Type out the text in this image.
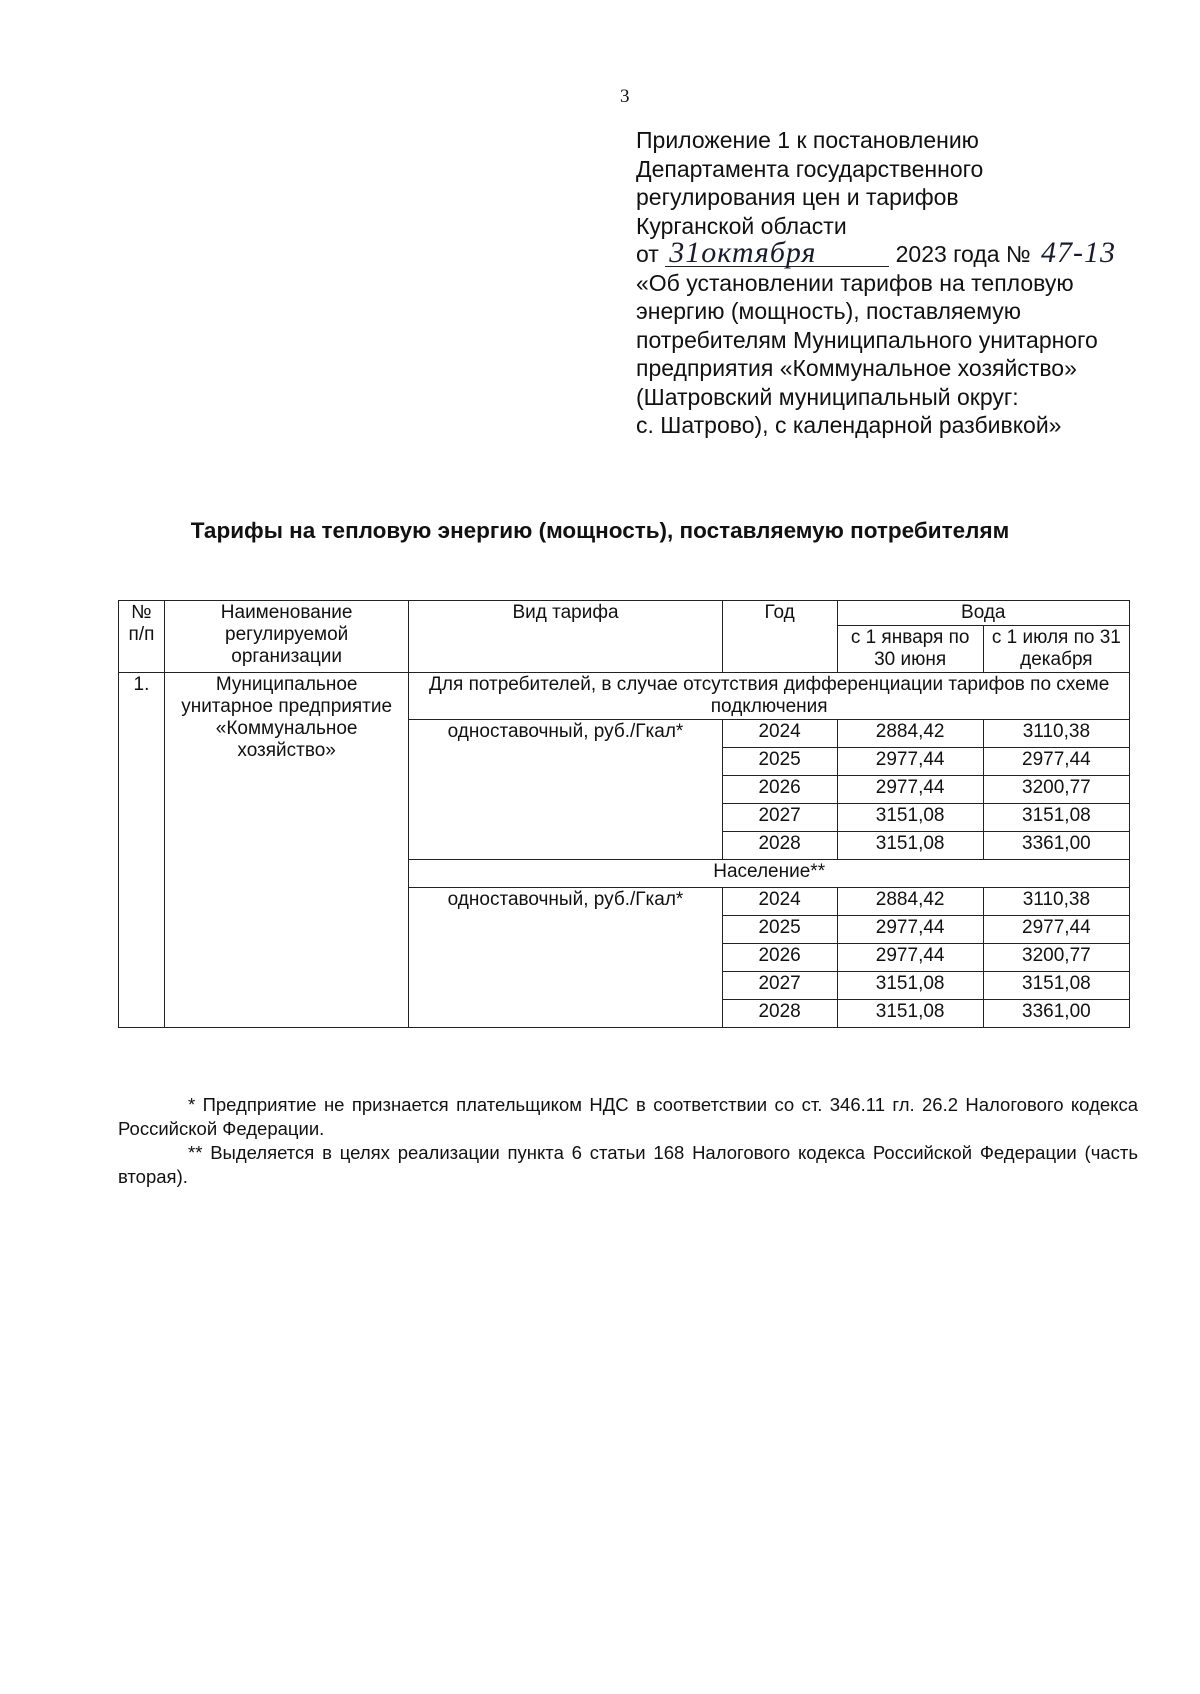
3
Приложение 1 к постановлению
Департамента государственного
регулирования цен и тарифов
Курганской области
от 31октября	2023 года № 47-13
«Об установлении тарифов на тепловую
энергию (мощность), поставляемую
потребителям Муниципального унитарного
предприятия «Коммунальное хозяйство»
(Шатровский муниципальный округ:
с. Шатрово), с календарной разбивкой»
Тарифы на тепловую энергию (мощность), поставляемую потребителям
№ п/п	Наименование регулируемой организации	Вид тарифа	Год	Вода	
				с 1 января по 30 июня	с 1 июля по 31 декабря
1.	Муниципальное унитарное предприятие «Коммунальное хозяйство»	Для потребителей, в случае отсутствия дифференциации тарифов по схеме подключения			
		одноставочный, руб./Гкал*	2024	2884,42	3110,38
			2025	2977,44	2977,44
			2026	2977,44	3200,77
			2027	3151,08	3151,08
			2028	3151,08	3361,00
		Население**			
		одноставочный, руб./Гкал*	2024	2884,42	3110,38
			2025	2977,44	2977,44
			2026	2977,44	3200,77
			2027	3151,08	3151,08
			2028	3151,08	3361,00

* Предприятие не признается плательщиком НДС в соответствии со ст. 346.11 гл. 26.2 Налогового кодекса Российской Федерации.

** Выделяется в целях реализации пункта 6 статьи 168 Налогового кодекса Российской Федерации (часть вторая).
